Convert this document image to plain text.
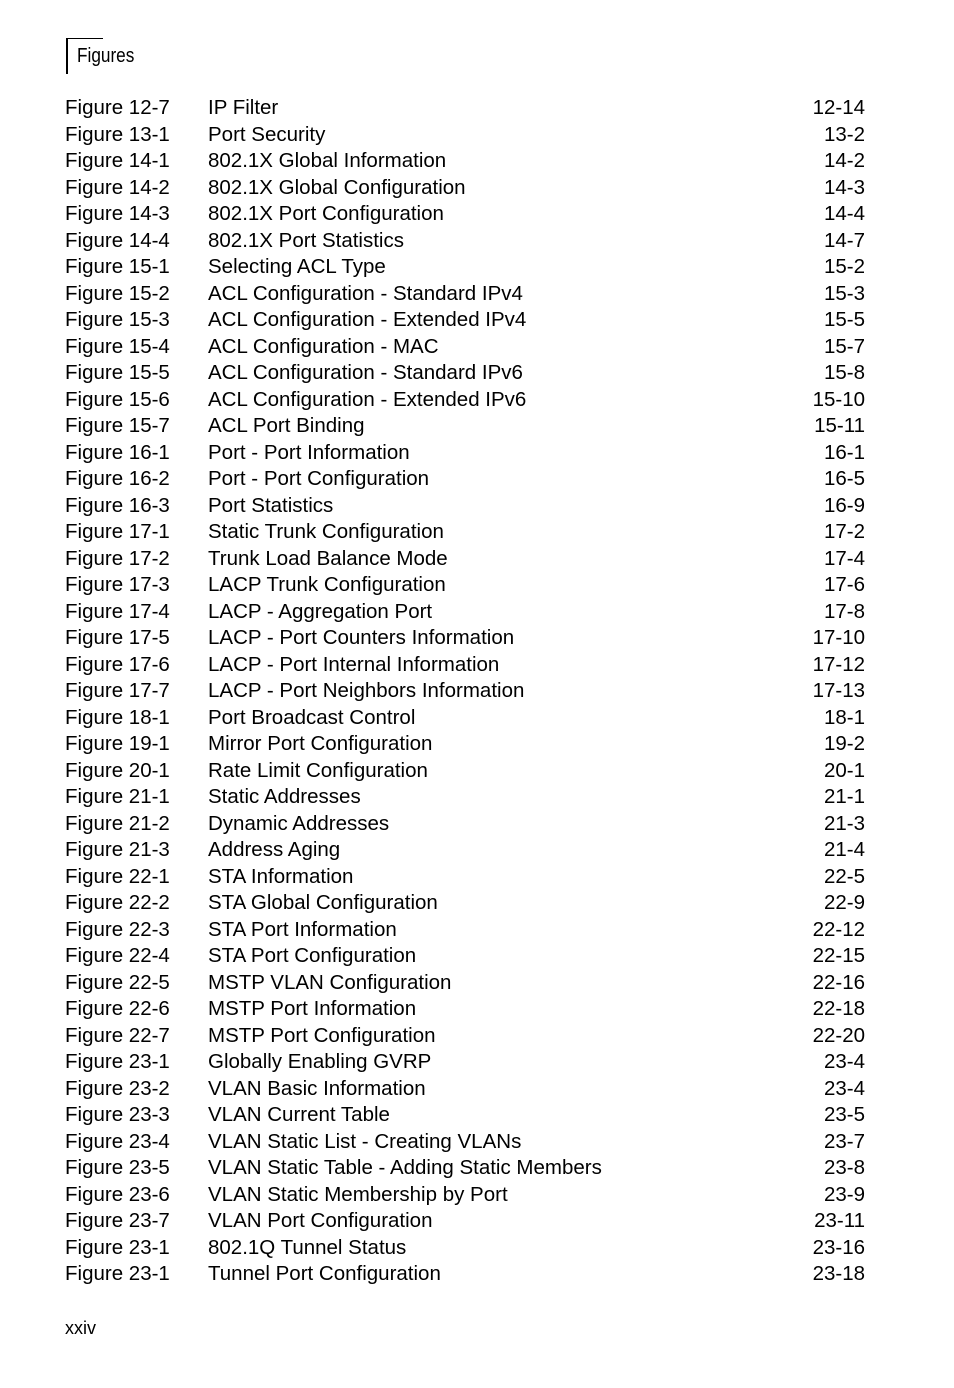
Figures
Figure 12-7 IP Filter	12-14
Figure 13-1 Port Security	13-2
Figure 14-1 802.1X Global Information	14-2
Figure 14-2 802.1X Global Configuration	14-3
Figure 14-3 802.1X Port Configuration	14-4
Figure 14-4 802.1X Port Statistics	14-7
Figure 15-1 Selecting ACL Type	15-2
Figure 15-2 ACL Configuration - Standard IPv4	15-3
Figure 15-3 ACL Configuration - Extended IPv4	15-5
Figure 15-4 ACL Configuration - MAC	15-7
Figure 15-5 ACL Configuration - Standard IPv6	15-8
Figure 15-6 ACL Configuration - Extended IPv6	15-10
Figure 15-7 ACL Port Binding	15-11
Figure 16-1 Port - Port Information	16-1
Figure 16-2 Port - Port Configuration	16-5
Figure 16-3 Port Statistics	16-9
Figure 17-1 Static Trunk Configuration	17-2
Figure 17-2 Trunk Load Balance Mode	17-4
Figure 17-3 LACP Trunk Configuration	17-6
Figure 17-4 LACP - Aggregation Port	17-8
Figure 17-5 LACP - Port Counters Information	17-10
Figure 17-6 LACP - Port Internal Information	17-12
Figure 17-7 LACP - Port Neighbors Information	17-13
Figure 18-1 Port Broadcast Control	18-1
Figure 19-1 Mirror Port Configuration	19-2
Figure 20-1 Rate Limit Configuration	20-1
Figure 21-1 Static Addresses	21-1
Figure 21-2 Dynamic Addresses	21-3
Figure 21-3 Address Aging	21-4
Figure 22-1 STA Information	22-5
Figure 22-2 STA Global Configuration	22-9
Figure 22-3 STA Port Information	22-12
Figure 22-4 STA Port Configuration	22-15
Figure 22-5 MSTP VLAN Configuration	22-16
Figure 22-6 MSTP Port Information	22-18
Figure 22-7 MSTP Port Configuration	22-20
Figure 23-1 Globally Enabling GVRP	23-4
Figure 23-2 VLAN Basic Information	23-4
Figure 23-3 VLAN Current Table	23-5
Figure 23-4 VLAN Static List - Creating VLANs	23-7
Figure 23-5 VLAN Static Table - Adding Static Members	23-8
Figure 23-6 VLAN Static Membership by Port	23-9
Figure 23-7 VLAN Port Configuration	23-11
Figure 23-1 802.1Q Tunnel Status	23-16
Figure 23-1 Tunnel Port Configuration	23-18
xxiv
